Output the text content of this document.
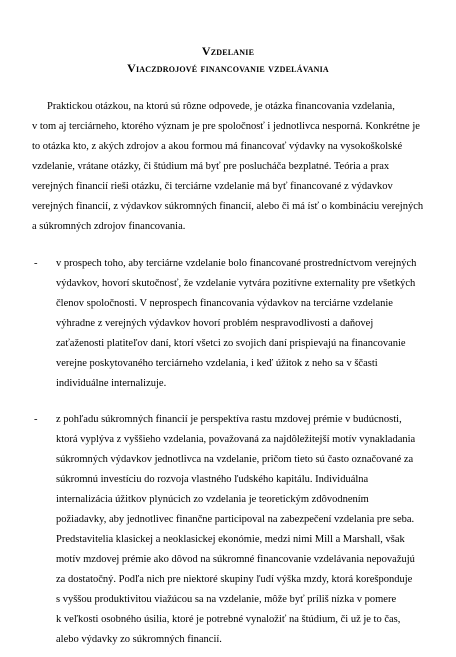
Vzdelanie
Viaczdrojové financovanie vzdelávania
Praktickou otázkou, na ktorú sú rôzne odpovede, je otázka financovania vzdelania,
v tom aj terciárneho, ktorého význam je pre spoločnosť i jednotlivca nesporná. Konkrétne je
to otázka kto, z akých zdrojov a akou formou má financovať výdavky na vysokoškolské
vzdelanie, vrátane otázky, či štúdium má byť pre poslucháča bezplatné. Teória a prax
verejných financií rieši otázku, či terciárne vzdelanie má byť financované z výdavkov
verejných financií, z výdavkov súkromných financií, alebo či má ísť o kombináciu verejných
a súkromných zdrojov financovania.
- v prospech toho, aby terciárne vzdelanie bolo financované prostredníctvom verejných
výdavkov, hovorí skutočnosť, že vzdelanie vytvára pozitívne externality pre všetkých
členov spoločnosti. V neprospech financovania výdavkov na terciárne vzdelanie
výhradne z verejných výdavkov hovorí problém nespravodlivosti a daňovej
zaťaženosti platiteľov daní, ktorí všetci zo svojich daní prispievajú na financovanie
verejne poskytovaného terciárneho vzdelania, i keď úžitok z neho sa v ščasti
individuálne internalizuje.
- z pohľadu súkromných financií je perspektíva rastu mzdovej prémie v budúcnosti,
ktorá vyplýva z vyššieho vzdelania, považovaná za najdôležitejší motív vynakladania
súkromných výdavkov jednotlivca na vzdelanie, pričom tieto sú často označované za
súkromnú investíciu do rozvoja vlastného ľudského kapitálu. Individuálna
internalizácia úžitkov plynúcich zo vzdelania je teoretickým zdôvodnením
požiadavky, aby jednotlivec finančne participoval na zabezpečení vzdelania pre seba.
Predstavitelia klasickej a neoklasickej ekonómie, medzi nimi Mill a Marshall, však
motív mzdovej prémie ako dôvod na súkromné financovanie vzdelávania nepovažujú
za dostatočný. Podľa nich pre niektoré skupiny ľudí výška mzdy, ktorá korešponduje
s vyššou produktivitou viažúcou sa na vzdelanie, môže byť príliš nízka v pomere
k veľkosti osobného úsilia, ktoré je potrebné vynaložiť na štúdium, či už je to čas,
alebo výdavky zo súkromných financií.
